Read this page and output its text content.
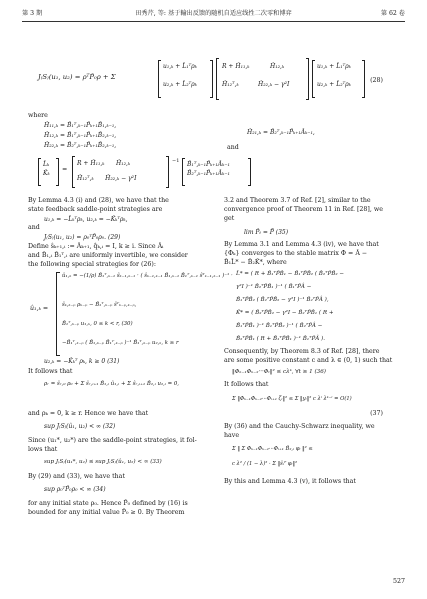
第 3 期	田秀芹, 等: 基于輸出反馈的随机自适应线性二次零和博弈	第 62 卷
J₍S₎(u₁, u₂) = ρᵀP̂₀ρ + Σ
u₁,ₖ + L̂₁ᵀρₖ
u₂,ₖ + L̂₂ᵀρₖ
R + Ĥ₁₁,ₖ	Ĥ₁₂,ₖ
Ĥ₁₂ᵀ,ₖ	Ĥ₂₂,ₖ − γ²I
u₁,ₖ + L̂₁ᵀρₖ
u₂,ₖ + L̂₂ᵀρₖ
(28)
where
Ĥ₁₁,ₖ = B̂₁ᵀ,ₖ₋₁P̂ₖ₊₁B̂₁,ₖ₋₁,
Ĥ₁₂,ₖ = B̂₁ᵀ,ₖ₋₁P̂ₖ₊₁B̂₂,ₖ₋₁,
Ĥ₂₂,ₖ = B̂₂ᵀ,ₖ₋₁P̂ₖ₊₁B̂₂,ₖ₋₁,
Ĥ₂₁,ₖ = B̂₂ᵀ,ₖ₋₁P̂ₖ₊₁Âₖ₋₁,
and
L̂ₖ
K̂ₖ
=
R + Ĥ₁₁,ₖ      Ĥ₁₂,ₖ
Ĥ₁₂ᵀ,ₖ      Ĥ₂₂,ₖ − γ²I
−1 B̂₁ᵀ,ₖ₋₁P̂ₖ₊₁Âₖ₋₁
B̂₂ᵀ,ₖ₋₁P̂ₖ₊₁Âₖ₋₁
By Lemma 4.3 (i) and (28), we have that the
state feedback saddle-point strategies are
u₁,ₖ = −L̂ₖᵀρₖ, u₂,ₖ = −K̂ₖᵀρₖ,
and
J₍S₎(u₁, u₂) = ρ₀ᵀP̂₀ρ₀. (29)
Define ŝₖ₊₁,ᵢ := Âₖ₊₁, q̂ₖ,ᵢ = I, k ≥ i. Since Âᵢ
and B̂₁,ᵢ B̂₁ᵀ,ᵢ are uniformly invertible, we consider
the following special strategies for (26):
û₁,ₖ =
û₁,ₖ = −(1/ρ) B̂₁ᵀ,ₖ₋₁ ŝₖ₋₁,ₖ₋₁ · ( ŝₖ₋₁,ₖ₋₁ B̂₁,ₖ₋₁ B̂₁ᵀ,ₖ₋₁ ŝᵀₖ₋₁,ₖ₋₁ )⁻¹ ·
ŝₖ,ₖ₋ₚ ρₖ₋ₚ − B̂₁ᵀ,ₖ₋ₚ ŝᵀₖ₋ₚ,ₖ₋ₚ,
B̂₁ᵀ,ₖ₋ₚ u₁,ₖ, 0 ≤ k < r, (30)
−B̂₁ᵀ,ₖ₋ₚ ( B̂₁,ₖ₋ₚ B̂₁ᵀ,ₖ₋ₚ )⁻¹ B̂₁ᵀ,ₖ₋ₚ u₂,ₖ, k ≥ r
u₂,ₖ = −K̂ₖᵀ ρₖ, k ≥ 0 (31)
It follows that
ρᵣ = ŝᵣ,₀ ρ₀ + Σ ŝᵣ,ᵢ₊₁ B̂₁,ᵢ û₁,ᵢ + Σ ŝᵣ,ᵢ₊₁ B̂₂,ᵢ u₂,ᵢ = 0,
and ρₖ = 0, k ≥ r. Hence we have that
sup J₍S₎(û₁, u₂) < ∞ (32)
Since (u₁*, u₂*) are the saddle-point strategies, it fol-
lows that
sup J₍S₎(u₁*, u₂) ≤ sup J₍S₎(û₁, u₂) < ∞ (33)
By (29) and (33), we have that
sup ρ₀ᵀP̂₀ρ₀ < ∞ (34)
for any initial state ρ₀. Hence P̂₀ defined by (16) is
bounded for any initial value P̂₀ ≥ 0. By Theorem
3.2 and Theorem 3.7 of Ref. [2], similar to the
convergence proof of Theorem 11 in Ref. [28], we
get
lim P̂ₜ = P̃ (35)
By Lemma 3.1 and Lemma 4.3 (iv), we have that
{Φₖ} converges to the stable matrix Φ = Â −
B̂₁L̂* − B̂₂K̂*, where
L̂* = ( R + B̂₁ᵀP̃B̂₁ − B̂₁ᵀP̃B̂₂ ( B̂₂ᵀP̃B̂₂ −
γ²I )⁻¹ B̂₂ᵀP̃B̂₁ )⁻¹ ( B̂₁ᵀP̃Â −
B̂₁ᵀP̃B̂₂ ( B̂₂ᵀP̃B̂₂ − γ²I )⁻¹ B̂₂ᵀP̃Â ),
K̂* = ( B̂₂ᵀP̃B̂₂ − γ²I − B̂₂ᵀP̃B̂₁ ( R +
B̂₁ᵀP̃B̂₁ )⁻¹ B̂₁ᵀP̃B̂₂ )⁻¹ ( B̂₂ᵀP̃Â −
B̂₂ᵀP̃B̂₁ ( R + B̂₁ᵀP̃B̂₁ )⁻¹ B̂₁ᵀP̃Â ).
Consequently, by Theorem 8.3 of Ref. [28], there
are some positive constant c and λ ∈ (0, 1) such that
‖Φₖ₋₁Φₖ₋₂···Φₜ‖² ≤ cλᵏ, ∀t ≥ 1 (36)
It follows that
Σ ‖Φₖ₋₁Φₖ₋₂···Φᵢ₊₁ ζᵢ‖² ≤ Σ ‖yᵢ‖² c λⁱ λᵏ⁻ⁱ = O(1)
(37)
By (36) and the Cauchy-Schwarz inequality, we
have
Σ ‖ Σ Φₖ₋₁Φₖ₋₂···Φᵢ₊₁ B̂₂,ᵢ φᵢ ‖² ≤
c λ² / (1 − λ)² · Σ ‖ŝᵢᵀ φᵢ‖²
By this and Lemma 4.3 (v), it follows that
527
